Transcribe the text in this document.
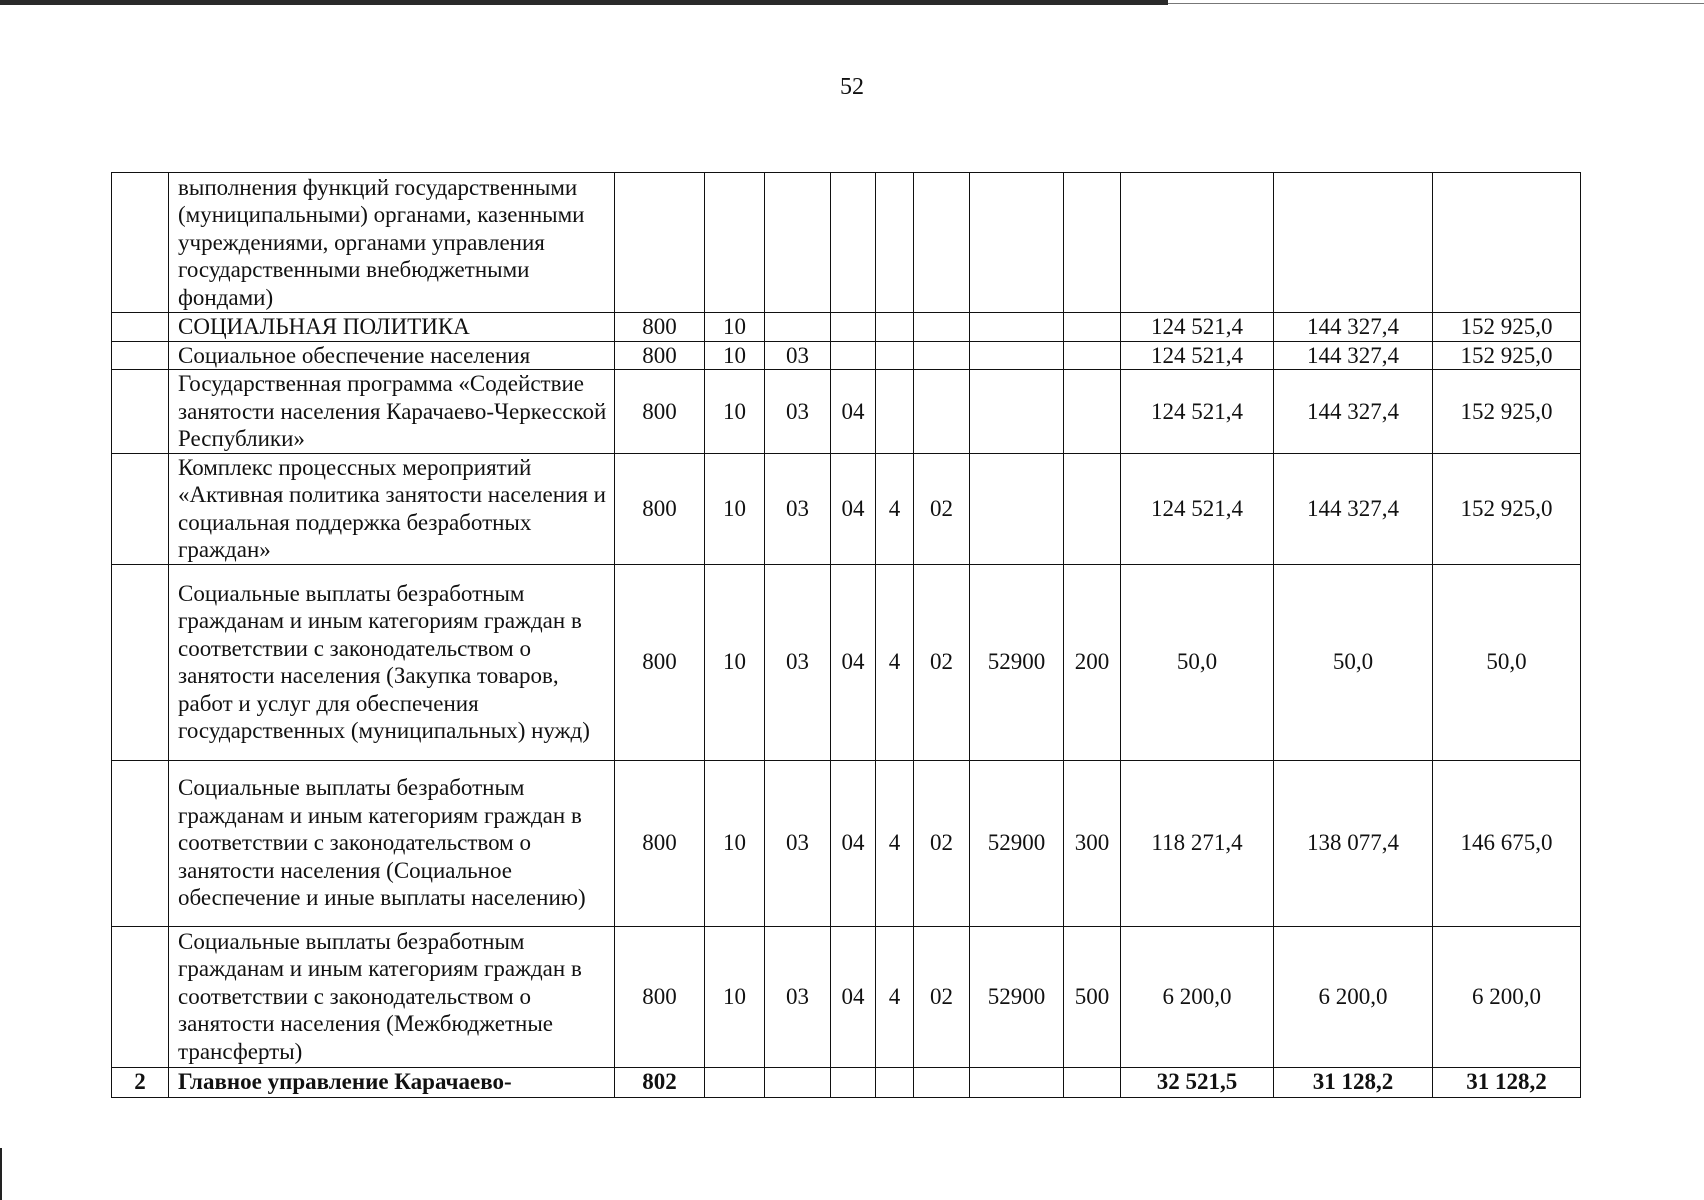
52
	выполнения функций государственными (муниципальными) органами, казенными учреждениями, органами управления государственными внебюджетными фондами)											
	СОЦИАЛЬНАЯ ПОЛИТИКА	800	10							124 521,4	144 327,4	152 925,0
	Социальное обеспечение населения	800	10	03						124 521,4	144 327,4	152 925,0
	Государственная программа «Содействие занятости населения Карачаево-Черкесской Республики»	800	10	03	04					124 521,4	144 327,4	152 925,0
	Комплекс процессных мероприятий «Активная политика занятости населения и социальная поддержка безработных граждан»	800	10	03	04	4	02			124 521,4	144 327,4	152 925,0
	Социальные выплаты безработным гражданам и иным категориям граждан в соответствии с законодательством о занятости населения (Закупка товаров, работ и услуг для обеспечения государственных (муниципальных) нужд)	800	10	03	04	4	02	52900	200	50,0	50,0	50,0
	Социальные выплаты безработным гражданам и иным категориям граждан в соответствии с законодательством о занятости населения (Социальное обеспечение и иные выплаты населению)	800	10	03	04	4	02	52900	300	118 271,4	138 077,4	146 675,0
	Социальные выплаты безработным гражданам и иным категориям граждан в соответствии с законодательством о занятости населения (Межбюджетные трансферты)	800	10	03	04	4	02	52900	500	6 200,0	6 200,0	6 200,0
2	Главное управление Карачаево-	802								32 521,5	31 128,2	31 128,2
